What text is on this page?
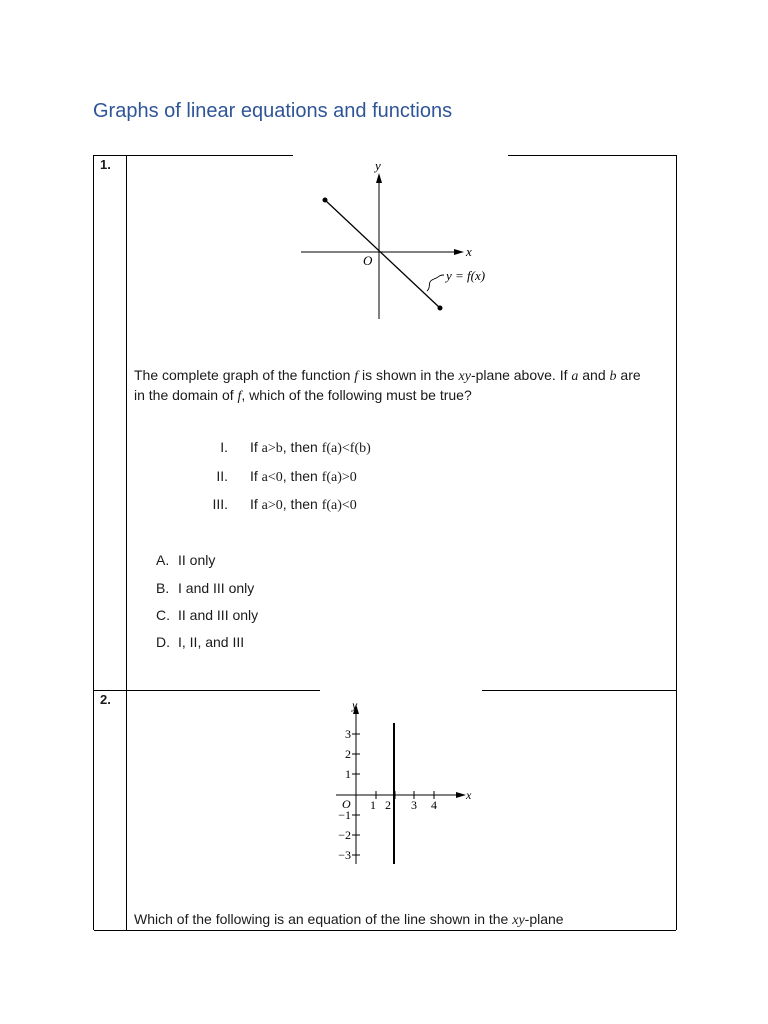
Graphs of linear equations and functions
1.	y
x
O
y = f(x)
The complete graph of the function f is shown in the xy-plane above. If a and b are in the domain of f, which of the following must be true?
I. If a>b, then f(a)<f(b)
II. If a<0, then f(a)>0
III. If a>0, then f(a)<0
A. II only
B. I and III only
C. II and III only
D. I, II, and III
2.	y
x
O
3
2
1
−1
−2
−3
1 2 3 4
Which of the following is an equation of the line shown in the xy-plane
